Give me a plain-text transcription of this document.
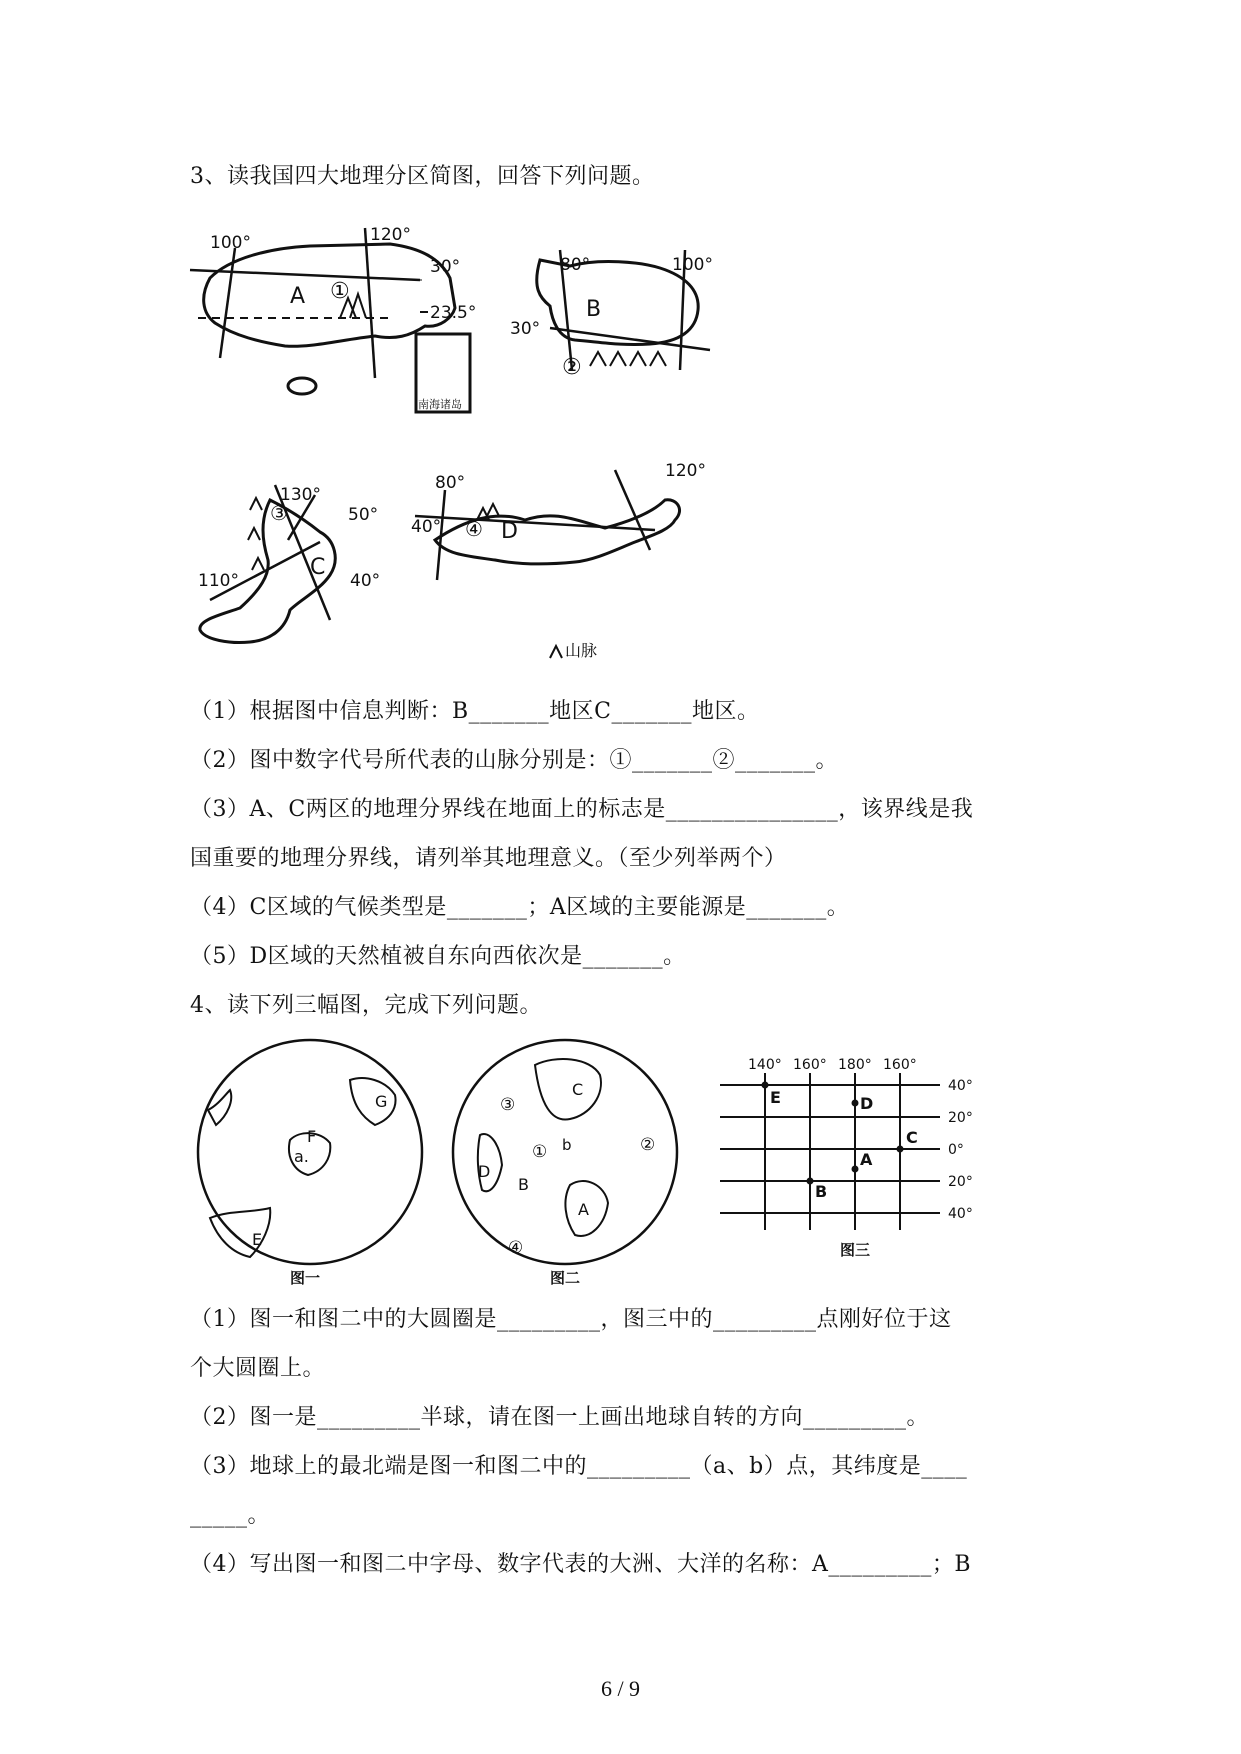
3、读我国四大地理分区简图，回答下列问题。
100°	120°
A ①
30°
23.5°
南海诸岛
B
80°	100°
30°
②
130°
50°
40°
110°
C
③
80°
120°
40° ④ D
山脉
（1）根据图中信息判断：B_______地区C_______地区。
（2）图中数字代号所代表的山脉分别是：①_______②_______。
（3）A、C两区的地理分界线在地面上的标志是_______________，该界线是我
国重要的地理分界线，请列举其地理意义。（至少列举两个）
（4）C区域的气候类型是_______；A区域的主要能源是_______。
（5）D区域的天然植被自东向西依次是_______。
4、读下列三幅图，完成下列问题。
G
F
a.
E
图一
C
③
②
① b
D
B
A
④
图二
140° 160° 180° 160°
40°
20°
0°
20°
40°
E	D
C
A
B
图三
（1）图一和图二中的大圆圈是_________，图三中的_________点刚好位于这
个大圆圈上。
（2）图一是_________半球，请在图一上画出地球自转的方向_________。
（3）地球上的最北端是图一和图二中的_________（a、b）点，其纬度是____
_____。
（4）写出图一和图二中字母、数字代表的大洲、大洋的名称：A_________；B
6 / 9
